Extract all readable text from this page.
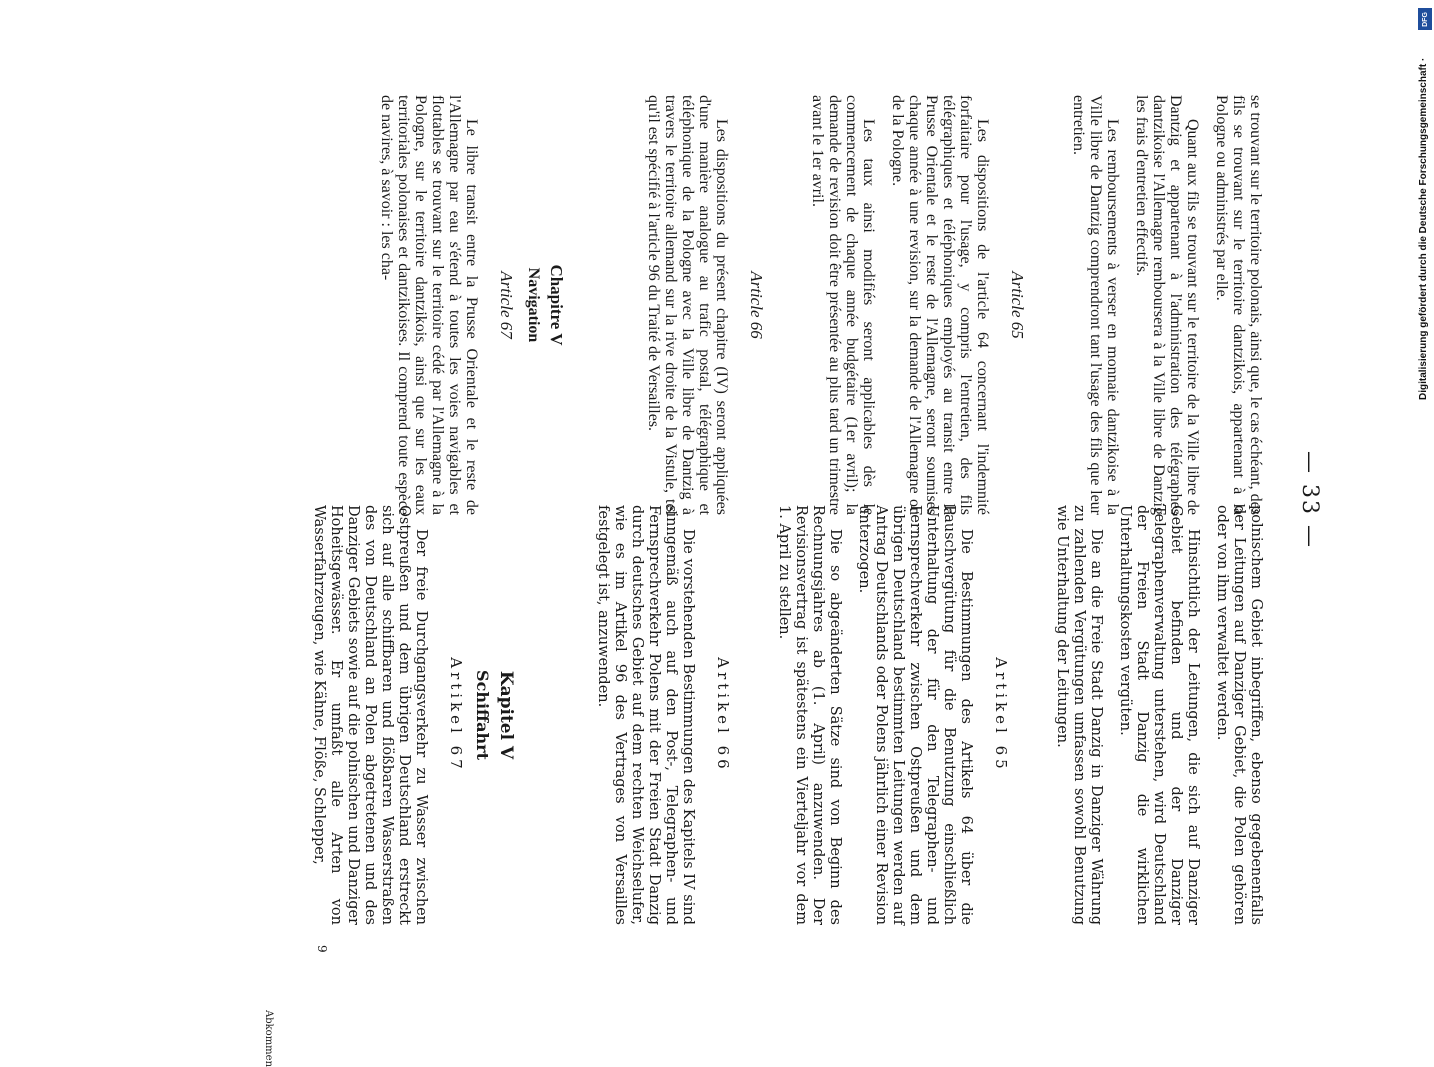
— 33 —

se trouvant sur le territoire polonais, ainsi que, le cas échéant, des fils se trouvant sur le territoire dantzikois, appartenant à la Pologne ou administrés par elle.

Quant aux fils se trouvant sur le territoire de la Ville libre de Dantzig et appartenant à l'administration des télégraphes dantzikoise l'Allemagne remboursera à la Ville libre de Dantzig les frais d'entretien effectifs.

Les remboursements à verser en monnaie dantzikoise à la Ville libre de Dantzig comprendront tant l'usage des fils que leur entretien.

Article 65

Les dispositions de l'article 64 concernant l'indemnité forfaitaire pour l'usage, y compris l'entretien, des fils télégraphiques et téléphoniques employés au transit entre la Prusse Orientale et le reste de l'Allemagne, seront soumises chaque année à une revision, sur la demande de l'Allemagne ou de la Pologne.

Les taux ainsi modifiés seront applicables dès le commencement de chaque année budgétaire (1er avril); la demande de revision doit être présentée au plus tard un trimestre avant le 1er avril.

Article 66

Les dispositions du présent chapitre (IV) seront appliquées d'une manière analogue au trafic postal, télégraphique et téléphonique de la Pologne avec la Ville libre de Dantzig à travers le territoire allemand sur la rive droite de la Vistule, tel qu'il est spécifié à l'article 96 du Traité de Versailles.

Chapitre V
Navigation
Article 67

Le libre transit entre la Prusse Orientale et le reste de l'Allemagne par eau s'étend à toutes les voies navigables et flottables se trouvant sur le territoire cédé par l'Allemagne à la Pologne, sur le territoire dantzikois, ainsi que sur les eaux territoriales polonaises et dantzikoises. Il comprend toute espèce de navires, à savoir : les cha-

polnischem Gebiet inbegriffen, ebenso gegebenenfalls der Leitungen auf Danziger Gebiet, die Polen gehören oder von ihm verwaltet werden.

Hinsichtlich der Leitungen, die sich auf Danziger Gebiet befinden und der Danziger Telegraphenverwaltung unterstehen, wird Deutschland der Freien Stadt Danzig die wirklichen Unterhaltungskosten vergüten.

Die an die Freie Stadt Danzig in Danziger Währung zu zahlenden Vergütungen umfassen sowohl Benutzung wie Unterhaltung der Leitungen.

Artikel 65

Die Bestimmungen des Artikels 64 über die Pauschvergütung für die Benutzung einschließlich Unterhaltung der für den Telegraphen- und Fernsprechverkehr zwischen Ostpreußen und dem übrigen Deutschland bestimmten Leitungen werden auf Antrag Deutschlands oder Polens jährlich einer Revision unterzogen.

Die so abgeänderten Sätze sind von Beginn des Rechnungsjahres ab (1. April) anzuwenden. Der Revisionsvertrag ist spätestens ein Vierteljahr vor dem 1. April zu stellen.

Artikel 66

Die vorstehenden Bestimmungen des Kapitels IV sind sinngemäß auch auf den Post-, Telegraphen- und Fernsprechverkehr Polens mit der Freien Stadt Danzig durch deutsches Gebiet auf dem rechten Weichselufer, wie es im Artikel 96 des Vertrages von Versailles festgelegt ist, anzuwenden.

Kapitel V
Schiffahrt
Artikel 67

Der freie Durchgangsverkehr zu Wasser zwischen Ostpreußen und dem übrigen Deutschland erstreckt sich auf alle schiffbaren und flößbaren Wasserstraßen des von Deutschland an Polen abgetretenen und des Danziger Gebiets sowie auf die polnischen und Danziger Hoheitsgewässer. Er umfaßt alle Arten von Wasserfahrzeugen, wie Kähne, Flöße, Schlepper,

Abkommen
9
Digitalisierung gefördert durch die Deutsche Forschungsgemeinschaft ·
DFG
